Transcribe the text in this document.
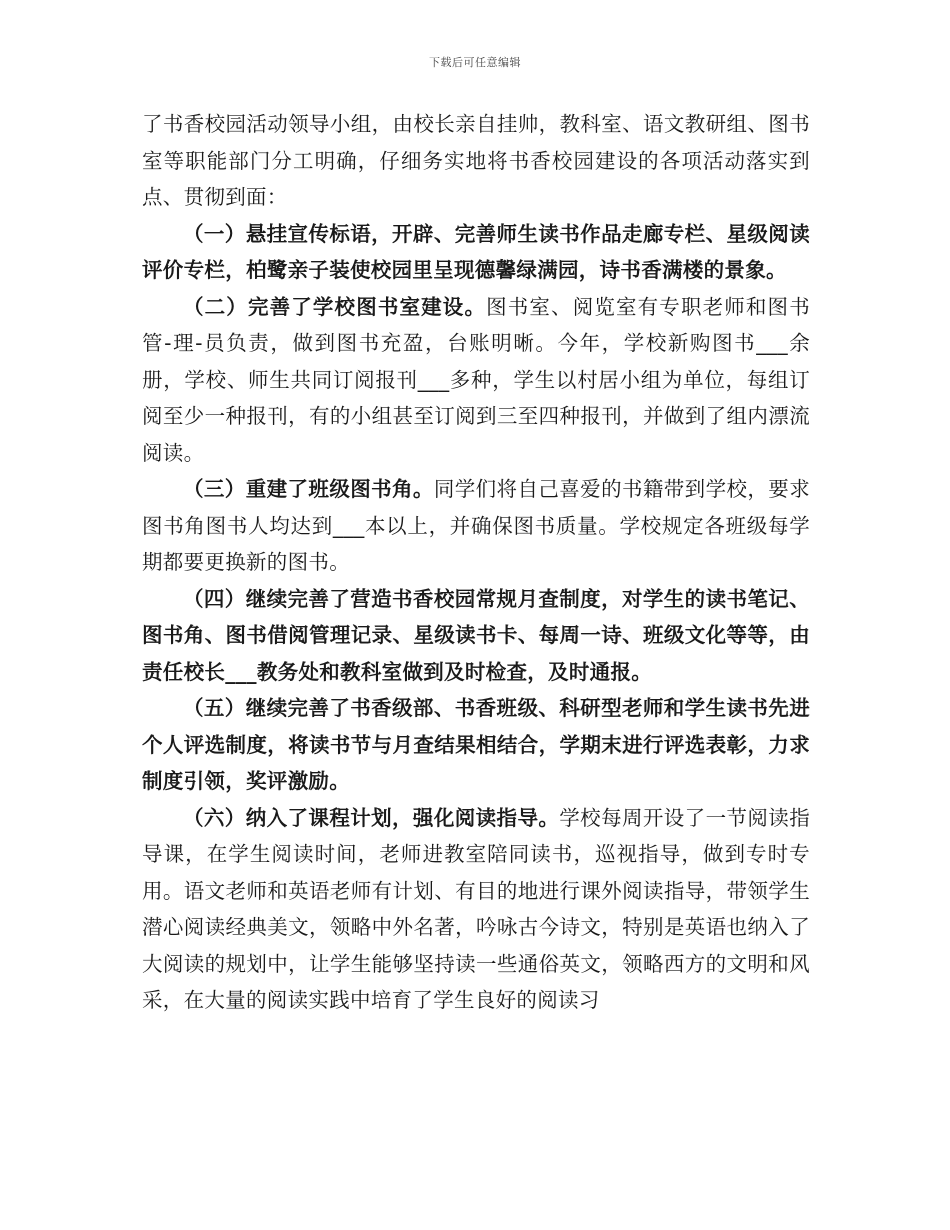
下载后可任意编辑

了书香校园活动领导小组，由校长亲自挂帅，教科室、语文教研组、图书室等职能部门分工明确，仔细务实地将书香校园建设的各项活动落实到点、贯彻到面：

（一）悬挂宣传标语，开辟、完善师生读书作品走廊专栏、星级阅读评价专栏，柏鹭亲子装使校园里呈现德馨绿满园，诗书香满楼的景象。

（二）完善了学校图书室建设。图书室、阅览室有专职老师和图书管-理-员负责，做到图书充盈，台账明晰。今年，学校新购图书___余册，学校、师生共同订阅报刊___多种，学生以村居小组为单位，每组订阅至少一种报刊，有的小组甚至订阅到三至四种报刊，并做到了组内漂流阅读。

（三）重建了班级图书角。同学们将自己喜爱的书籍带到学校，要求图书角图书人均达到___本以上，并确保图书质量。学校规定各班级每学期都要更换新的图书。

（四）继续完善了营造书香校园常规月查制度，对学生的读书笔记、图书角、图书借阅管理记录、星级读书卡、每周一诗、班级文化等等，由责任校长___教务处和教科室做到及时检查，及时通报。

（五）继续完善了书香级部、书香班级、科研型老师和学生读书先进个人评选制度，将读书节与月查结果相结合，学期末进行评选表彰，力求制度引领，奖评激励。

（六）纳入了课程计划，强化阅读指导。学校每周开设了一节阅读指导课，在学生阅读时间，老师进教室陪同读书，巡视指导，做到专时专用。语文老师和英语老师有计划、有目的地进行课外阅读指导，带领学生潜心阅读经典美文，领略中外名著，吟咏古今诗文，特别是英语也纳入了大阅读的规划中，让学生能够坚持读一些通俗英文，领略西方的文明和风采，在大量的阅读实践中培育了学生良好的阅读习
